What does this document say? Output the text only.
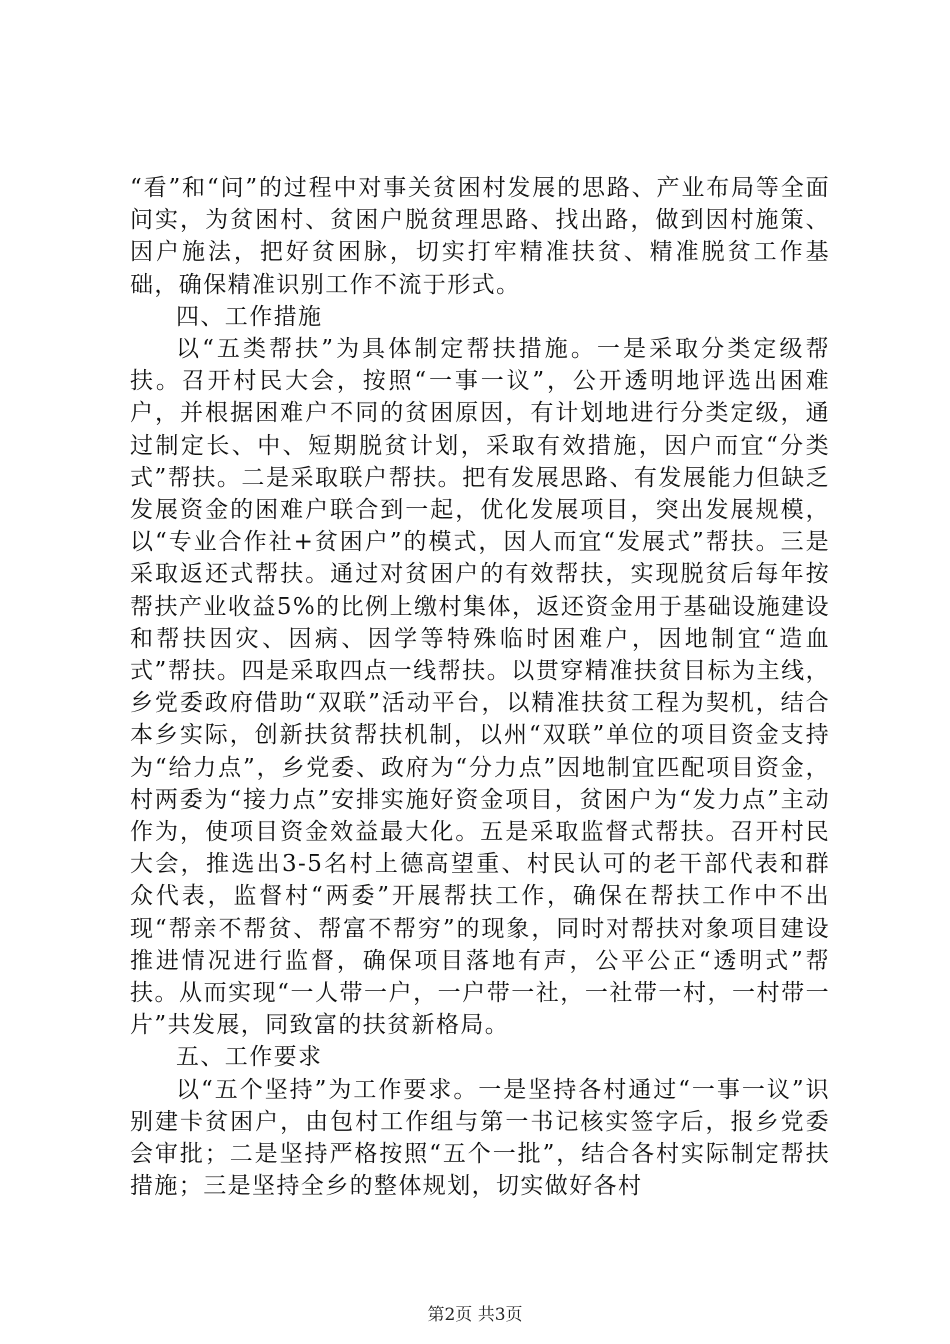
“看”和“问”的过程中对事关贫困村发展的思路、产业布局等全面问实，为贫困村、贫困户脱贫理思路、找出路，做到因村施策、因户施法，把好贫困脉，切实打牢精准扶贫、精准脱贫工作基础，确保精准识别工作不流于形式。

四、工作措施

以“五类帮扶”为具体制定帮扶措施。一是采取分类定级帮扶。召开村民大会，按照“一事一议”，公开透明地评选出困难户，并根据困难户不同的贫困原因，有计划地进行分类定级，通过制定长、中、短期脱贫计划，采取有效措施，因户而宜“分类式”帮扶。二是采取联户帮扶。把有发展思路、有发展能力但缺乏发展资金的困难户联合到一起，优化发展项目，突出发展规模，以“专业合作社+贫困户”的模式，因人而宜“发展式”帮扶。三是采取返还式帮扶。通过对贫困户的有效帮扶，实现脱贫后每年按帮扶产业收益5%的比例上缴村集体，返还资金用于基础设施建设和帮扶因灾、因病、因学等特殊临时困难户，因地制宜“造血式”帮扶。四是采取四点一线帮扶。以贯穿精准扶贫目标为主线，乡党委政府借助“双联”活动平台，以精准扶贫工程为契机，结合本乡实际，创新扶贫帮扶机制，以州“双联”单位的项目资金支持为“给力点”，乡党委、政府为“分力点”因地制宜匹配项目资金，村两委为“接力点”安排实施好资金项目，贫困户为“发力点”主动作为，使项目资金效益最大化。五是采取监督式帮扶。召开村民大会，推选出3-5名村上德高望重、村民认可的老干部代表和群众代表，监督村“两委”开展帮扶工作，确保在帮扶工作中不出现“帮亲不帮贫、帮富不帮穷”的现象，同时对帮扶对象项目建设推进情况进行监督，确保项目落地有声，公平公正“透明式”帮扶。从而实现“一人带一户，一户带一社，一社带一村，一村带一片”共发展，同致富的扶贫新格局。

五、工作要求

以“五个坚持”为工作要求。一是坚持各村通过“一事一议”识别建卡贫困户，由包村工作组与第一书记核实签字后，报乡党委会审批；二是坚持严格按照“五个一批”，结合各村实际制定帮扶措施；三是坚持全乡的整体规划，切实做好各村

第2页 共3页
